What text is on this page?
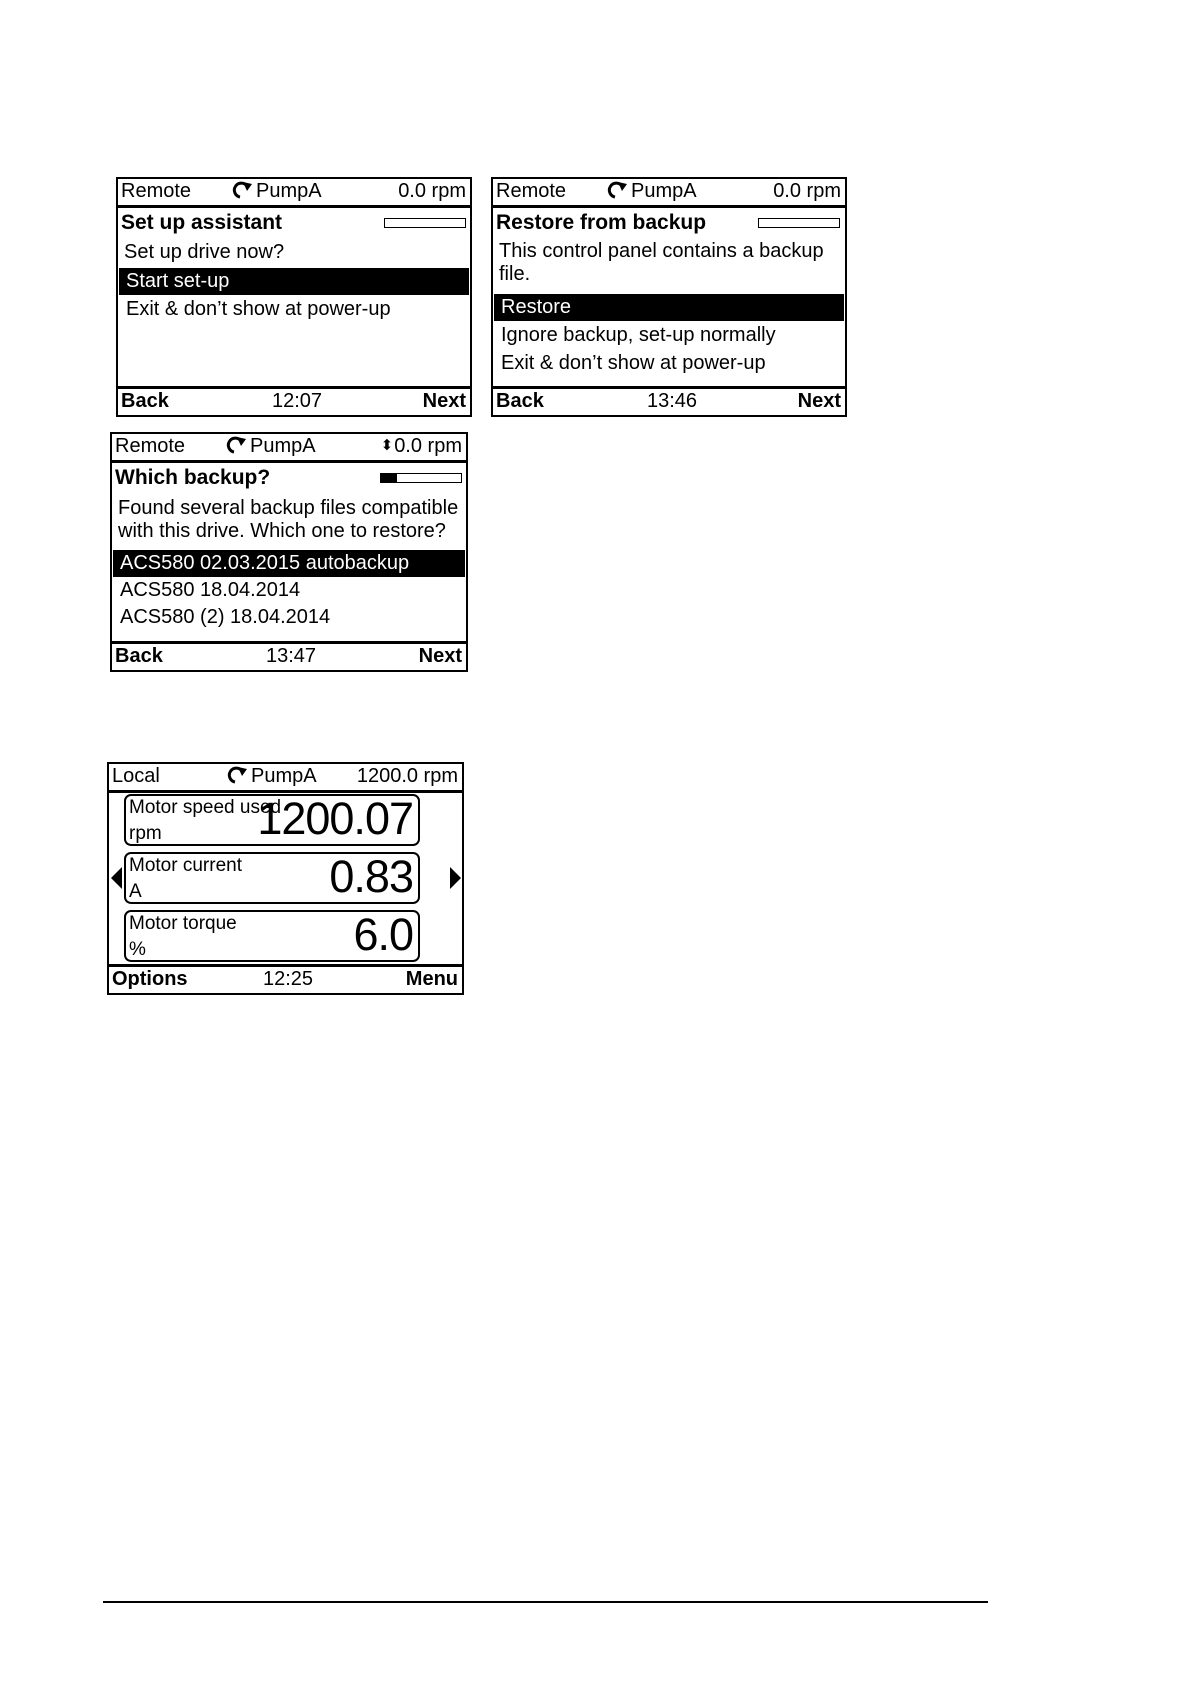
Remote	PumpA	0.0 rpm
Set up assistant
Set up drive now?
Start set-up
Exit & don’t show at power-up
Back	12:07	Next
Remote	PumpA	0.0 rpm
Restore from backup
This control panel contains a backup
file.
Restore
Ignore backup, set-up normally
Exit & don’t show at power-up
Back	13:46	Next
Remote	PumpA	⬍0.0 rpm
Which backup?
Found several backup files compatible
with this drive. Which one to restore?
ACS580 02.03.2015 autobackup
ACS580 18.04.2014
ACS580 (2) 18.04.2014
Back	13:47	Next
Local	PumpA 1200.0 rpm
Motor speed used
rpm 1200.07
Motor current
A	0.83
Motor torque
%	6.0
Options	12:25	Menu
